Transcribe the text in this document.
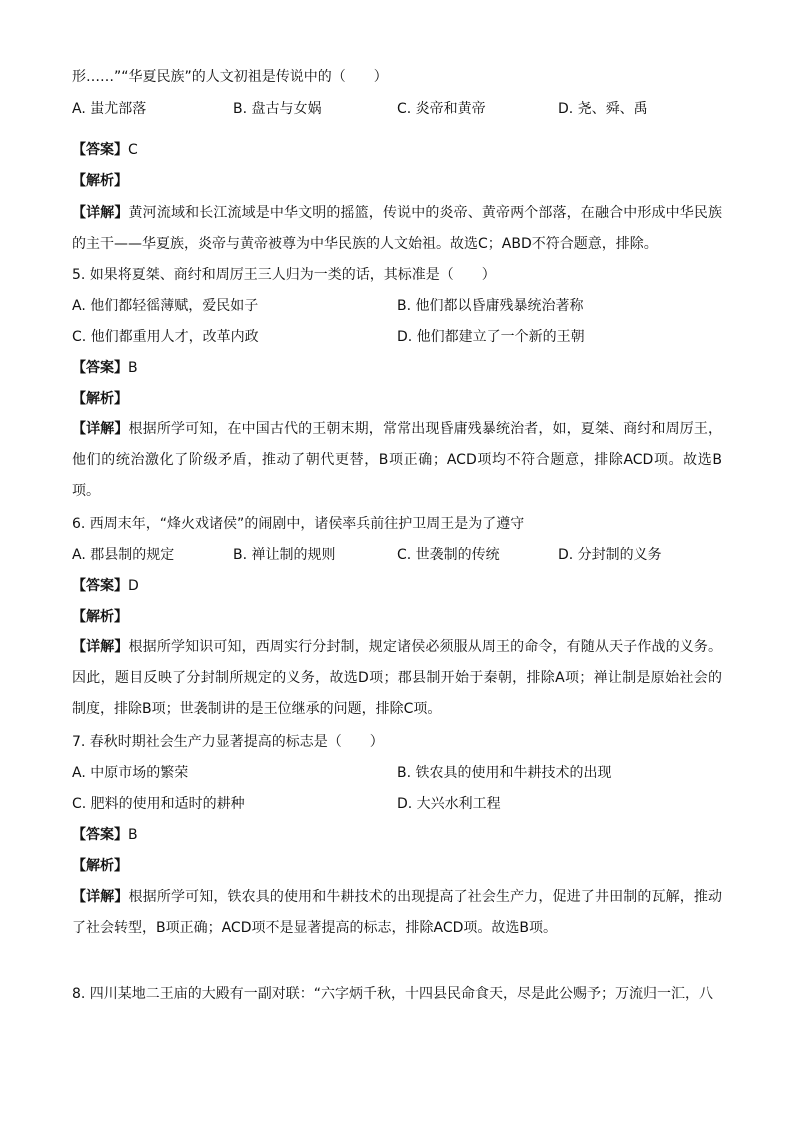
形……”“华夏民族”的人文初祖是传说中的（　　）
A. 蚩尤部落	B. 盘古与女娲	C. 炎帝和黄帝	D. 尧、舜、禹
【答案】C
【解析】
【详解】黄河流域和长江流域是中华文明的摇篮，传说中的炎帝、黄帝两个部落，在融合中形成中华民族的主干——华夏族，炎帝与黄帝被尊为中华民族的人文始祖。故选C；ABD不符合题意，排除。
5. 如果将夏桀、商纣和周厉王三人归为一类的话，其标准是（　　）
A. 他们都轻徭薄赋，爱民如子	B. 他们都以昏庸残暴统治著称
C. 他们都重用人才，改革内政	D. 他们都建立了一个新的王朝
【答案】B
【解析】
【详解】根据所学可知，在中国古代的王朝末期，常常出现昏庸残暴统治者，如，夏桀、商纣和周厉王，他们的统治激化了阶级矛盾，推动了朝代更替，B项正确；ACD项均不符合题意，排除ACD项。故选B项。
6. 西周末年，“烽火戏诸侯”的闹剧中，诸侯率兵前往护卫周王是为了遵守
A. 郡县制的规定	B. 禅让制的规则	C. 世袭制的传统	D. 分封制的义务
【答案】D
【解析】
【详解】根据所学知识可知，西周实行分封制，规定诸侯必须服从周王的命令，有随从天子作战的义务。因此，题目反映了分封制所规定的义务，故选D项；郡县制开始于秦朝，排除A项；禅让制是原始社会的制度，排除B项；世袭制讲的是王位继承的问题，排除C项。
7. 春秋时期社会生产力显著提高的标志是（　　）
A. 中原市场的繁荣	B. 铁农具的使用和牛耕技术的出现
C. 肥料的使用和适时的耕种	D. 大兴水利工程
【答案】B
【解析】
【详解】根据所学可知，铁农具的使用和牛耕技术的出现提高了社会生产力，促进了井田制的瓦解，推动了社会转型，B项正确；ACD项不是显著提高的标志，排除ACD项。故选B项。
8. 四川某地二王庙的大殿有一副对联：“六字炳千秋，十四县民命食天，尽是此公赐予；万流归一汇，八
